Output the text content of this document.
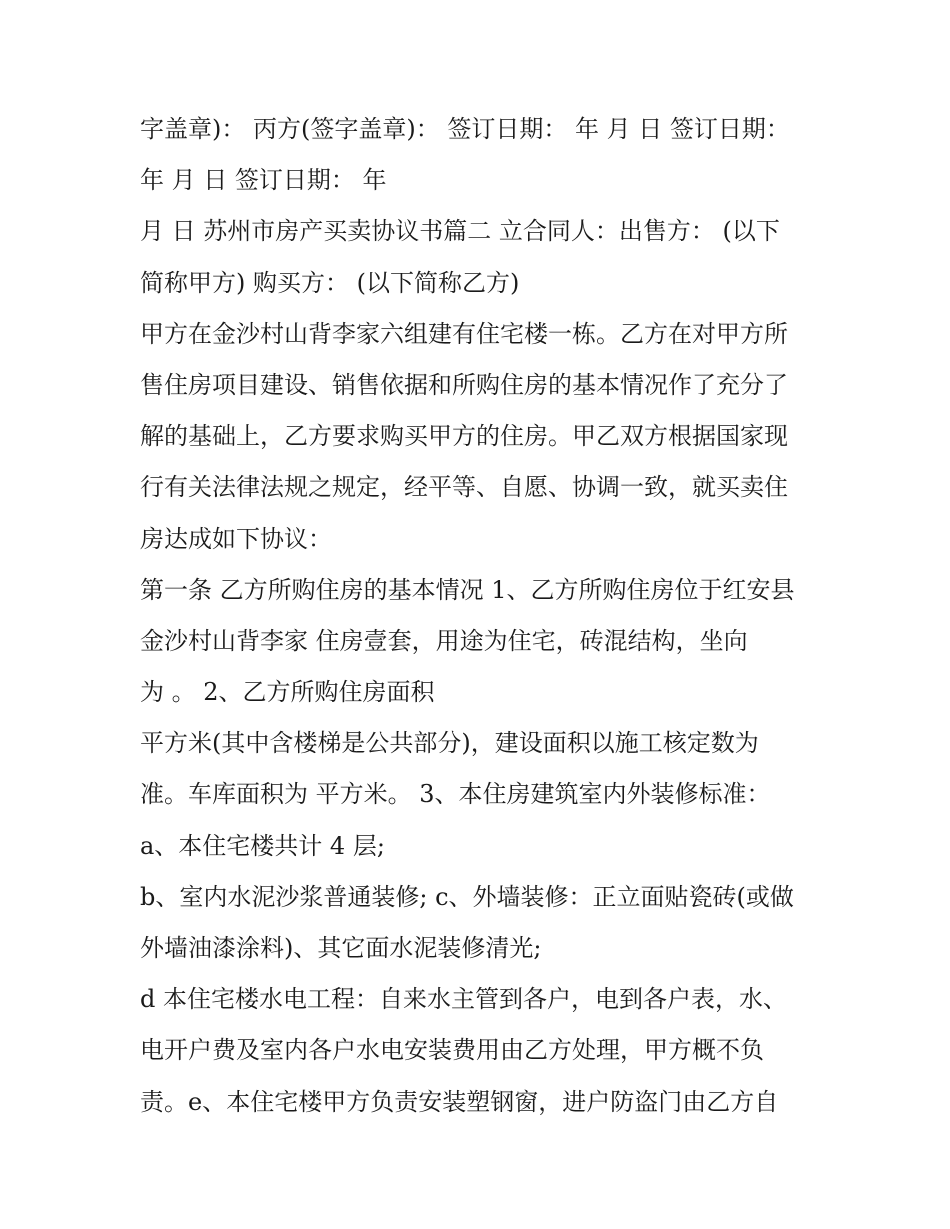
字盖章)： 丙方(签字盖章)： 签订日期： 年 月 日 签订日期：
年 月 日 签订日期： 年
月 日 苏州市房产买卖协议书篇二 立合同人：出售方： (以下
简称甲方) 购买方： (以下简称乙方)
甲方在金沙村山背李家六组建有住宅楼一栋。乙方在对甲方所
售住房项目建设、销售依据和所购住房的基本情况作了充分了
解的基础上，乙方要求购买甲方的住房。甲乙双方根据国家现
行有关法律法规之规定，经平等、自愿、协调一致，就买卖住
房达成如下协议：
第一条 乙方所购住房的基本情况 1、乙方所购住房位于红安县
金沙村山背李家 住房壹套，用途为住宅，砖混结构，坐向
为 。 2、乙方所购住房面积
平方米(其中含楼梯是公共部分)，建设面积以施工核定数为
准。车库面积为 平方米。 3、本住房建筑室内外装修标准：
a、本住宅楼共计 4 层;
b、室内水泥沙浆普通装修; c、外墙装修：正立面贴瓷砖(或做
外墙油漆涂料)、其它面水泥装修清光;
d 本住宅楼水电工程：自来水主管到各户，电到各户表，水、
电开户费及室内各户水电安装费用由乙方处理，甲方概不负
责。e、本住宅楼甲方负责安装塑钢窗，进户防盗门由乙方自
